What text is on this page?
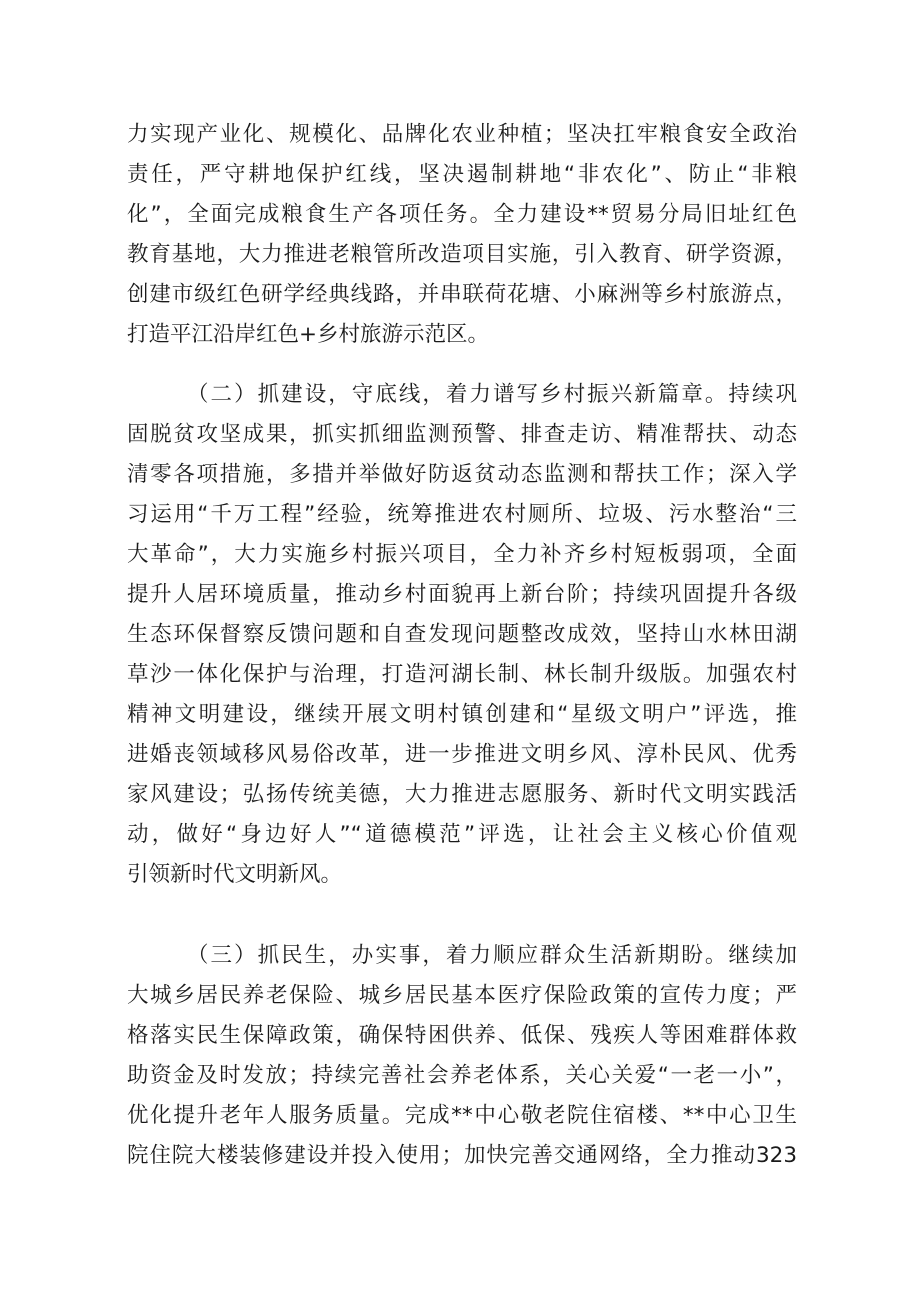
力实现产业化、规模化、品牌化农业种植；坚决扛牢粮食安全政治
责任，严守耕地保护红线，坚决遏制耕地“非农化”、防止“非粮
化”，全面完成粮食生产各项任务。全力建设**贸易分局旧址红色
教育基地，大力推进老粮管所改造项目实施，引入教育、研学资源，
创建市级红色研学经典线路，并串联荷花塘、小麻洲等乡村旅游点，
打造平江沿岸红色+乡村旅游示范区。
（二）抓建设，守底线，着力谱写乡村振兴新篇章。持续巩
固脱贫攻坚成果，抓实抓细监测预警、排查走访、精准帮扶、动态
清零各项措施，多措并举做好防返贫动态监测和帮扶工作；深入学
习运用“千万工程”经验，统筹推进农村厕所、垃圾、污水整治“三
大革命”，大力实施乡村振兴项目，全力补齐乡村短板弱项，全面
提升人居环境质量，推动乡村面貌再上新台阶；持续巩固提升各级
生态环保督察反馈问题和自查发现问题整改成效，坚持山水林田湖
草沙一体化保护与治理，打造河湖长制、林长制升级版。加强农村
精神文明建设，继续开展文明村镇创建和“星级文明户”评选，推
进婚丧领域移风易俗改革，进一步推进文明乡风、淳朴民风、优秀
家风建设；弘扬传统美德，大力推进志愿服务、新时代文明实践活
动，做好“身边好人”“道德模范”评选，让社会主义核心价值观
引领新时代文明新风。
（三）抓民生，办实事，着力顺应群众生活新期盼。继续加
大城乡居民养老保险、城乡居民基本医疗保险政策的宣传力度；严
格落实民生保障政策，确保特困供养、低保、残疾人等困难群体救
助资金及时发放；持续完善社会养老体系，关心关爱“一老一小”，
优化提升老年人服务质量。完成**中心敬老院住宿楼、**中心卫生
院住院大楼装修建设并投入使用；加快完善交通网络，全力推动323
